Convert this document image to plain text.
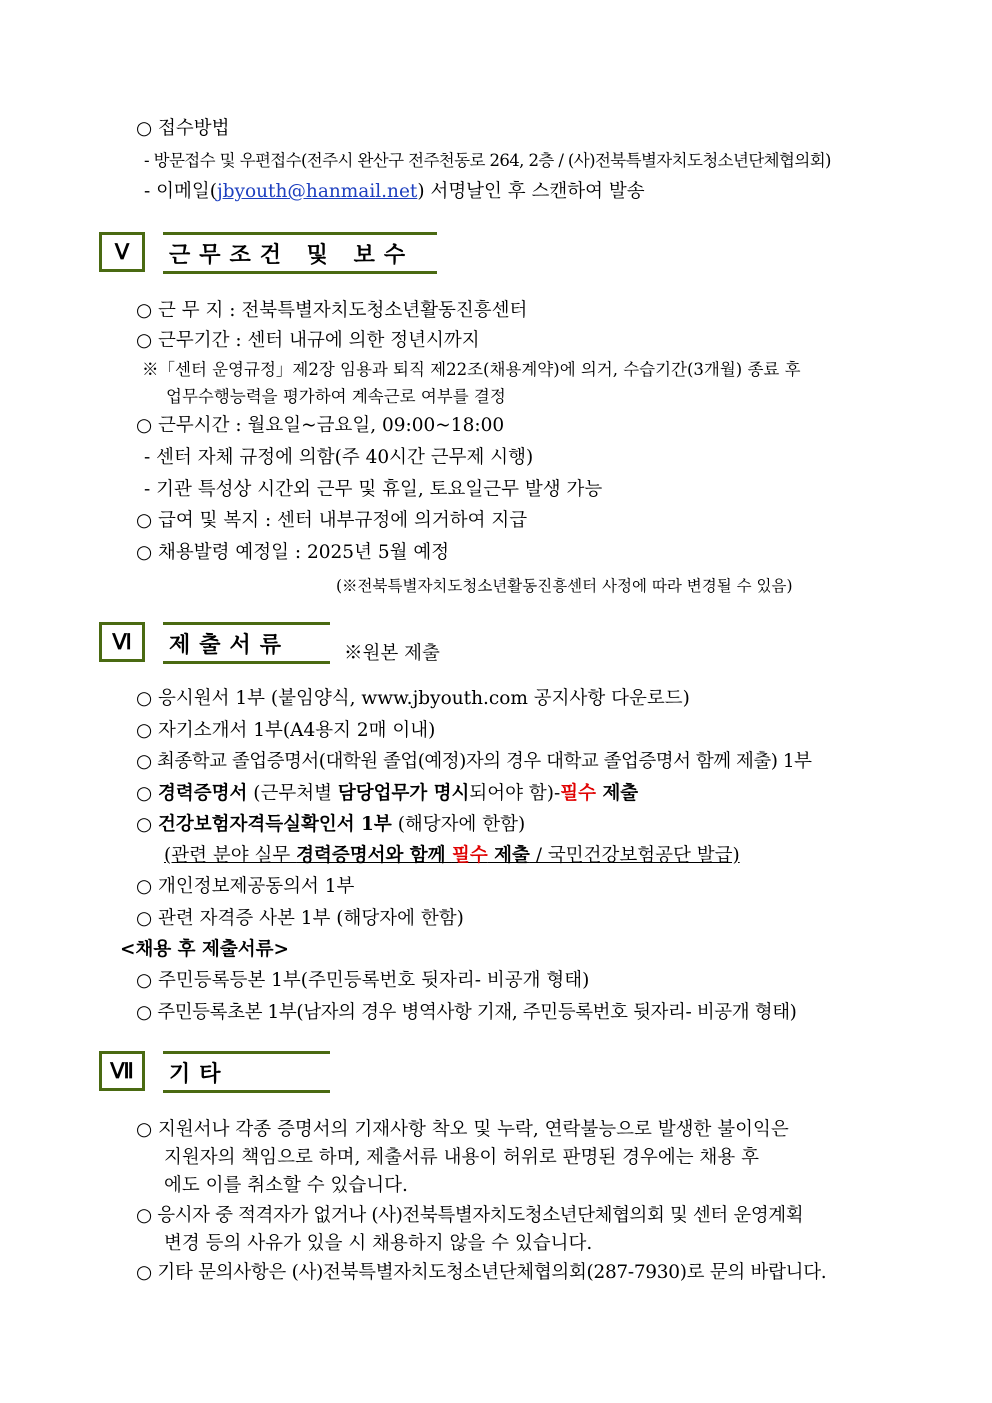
○ 접수방법
- 방문접수 및 우편접수(전주시 완산구 전주천동로 264, 2층 / (사)전북특별자치도청소년단체협의회)
- 이메일(jbyouth@hanmail.net) 서명날인 후 스캔하여 발송
Ⅴ	근무조건 및 보수
○ 근 무 지 : 전북특별자치도청소년활동진흥센터
○ 근무기간 : 센터 내규에 의한 정년시까지
※「센터 운영규정」제2장 임용과 퇴직 제22조(채용계약)에 의거, 수습기간(3개월) 종료 후
업무수행능력을 평가하여 계속근로 여부를 결정
○ 근무시간 : 월요일~금요일, 09:00~18:00
- 센터 자체 규정에 의함(주 40시간 근무제 시행)
- 기관 특성상 시간외 근무 및 휴일, 토요일근무 발생 가능
○ 급여 및 복지 : 센터 내부규정에 의거하여 지급
○ 채용발령 예정일 : 2025년 5월 예정
(※전북특별자치도청소년활동진흥센터 사정에 따라 변경될 수 있음)
Ⅵ	제출서류	※원본 제출
○ 응시원서 1부 (붙임양식, www.jbyouth.com 공지사항 다운로드)
○ 자기소개서 1부(A4용지 2매 이내)
○ 최종학교 졸업증명서(대학원 졸업(예정)자의 경우 대학교 졸업증명서 함께 제출) 1부
○ 경력증명서 (근무처별 담당업무가 명시되어야 함)-필수 제출
○ 건강보험자격득실확인서 1부 (해당자에 한함)
(관련 분야 실무 경력증명서와 함께 필수 제출 / 국민건강보험공단 발급)
○ 개인정보제공동의서 1부
○ 관련 자격증 사본 1부 (해당자에 한함)
<채용 후 제출서류>
○ 주민등록등본 1부(주민등록번호 뒷자리- 비공개 형태)
○ 주민등록초본 1부(남자의 경우 병역사항 기재, 주민등록번호 뒷자리- 비공개 형태)
Ⅶ	기타
○ 지원서나 각종 증명서의 기재사항 착오 및 누락, 연락불능으로 발생한 불이익은
지원자의 책임으로 하며, 제출서류 내용이 허위로 판명된 경우에는 채용 후
에도 이를 취소할 수 있습니다.
○ 응시자 중 적격자가 없거나 (사)전북특별자치도청소년단체협의회 및 센터 운영계획
변경 등의 사유가 있을 시 채용하지 않을 수 있습니다.
○ 기타 문의사항은 (사)전북특별자치도청소년단체협의회(287-7930)로 문의 바랍니다.
